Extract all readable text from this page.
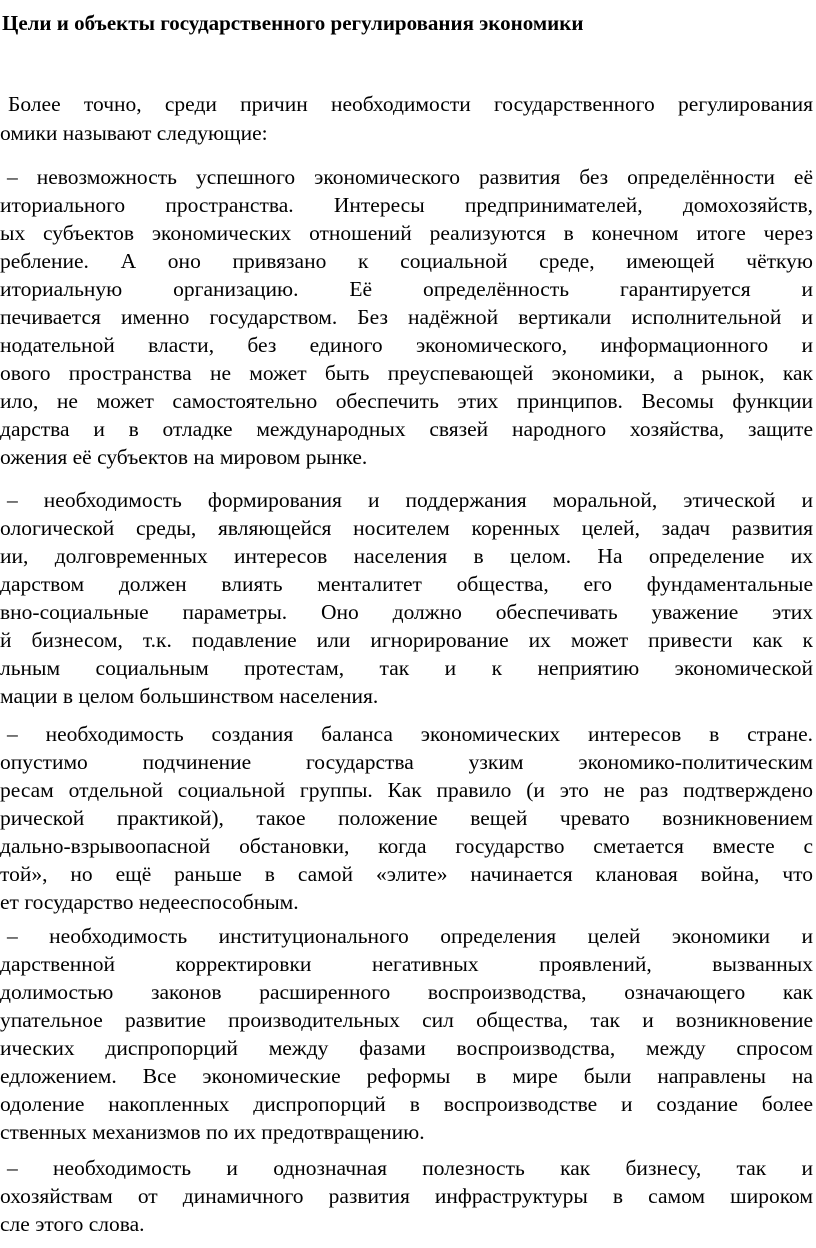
Цели и объекты государственного регулирования экономики

Более точно, среди причин необходимости государственного регулирования

омики называют следующие:

– невозможность успешного экономического развития без определённости её

иториального пространства. Интересы предпринимателей, домохозяйств,

ых субъектов экономических отношений реализуются в конечном итоге через

ребление. А оно привязано к социальной среде, имеющей чёткую

иториальную организацию. Её определённость гарантируется и

печивается именно государством. Без надёжной вертикали исполнительной и

нодательной власти, без единого экономического, информационного и

ового пространства не может быть преуспевающей экономики, а рынок, как

ило, не может самостоятельно обеспечить этих принципов. Весомы функции

дарства и в отладке международных связей народного хозяйства, защите

ожения её субъектов на мировом рынке.

– необходимость формирования и поддержания моральной, этической и

ологической среды, являющейся носителем коренных целей, задач развития

ии, долговременных интересов населения в целом. На определение их

дарством должен влиять менталитет общества, его фундаментальные

вно-социальные параметры. Оно должно обеспечивать уважение этих

й бизнесом, т.к. подавление или игнорирование их может привести как к

льным социальным протестам, так и к неприятию экономической

мации в целом большинством населения.

– необходимость создания баланса экономических интересов в стране.

опустимо подчинение государства узким экономико-политическим

ресам отдельной социальной группы. Как правило (и это не раз подтверждено

рической практикой), такое положение вещей чревато возникновением

дально-взрывоопасной обстановки, когда государство сметается вместе с

той», но ещё раньше в самой «элите» начинается клановая война, что

ет государство недееспособным.

– необходимость институционального определения целей экономики и

дарственной корректировки негативных проявлений, вызванных

долимостью законов расширенного воспроизводства, означающего как

упательное развитие производительных сил общества, так и возникновение

ических диспропорций между фазами воспроизводства, между спросом

едложением. Все экономические реформы в мире были направлены на

одоление накопленных диспропорций в воспроизводстве и создание более

ственных механизмов по их предотвращению.

– необходимость и однозначная полезность как бизнесу, так и

охозяйствам от динамичного развития инфраструктуры в самом широком

сле этого слова.
